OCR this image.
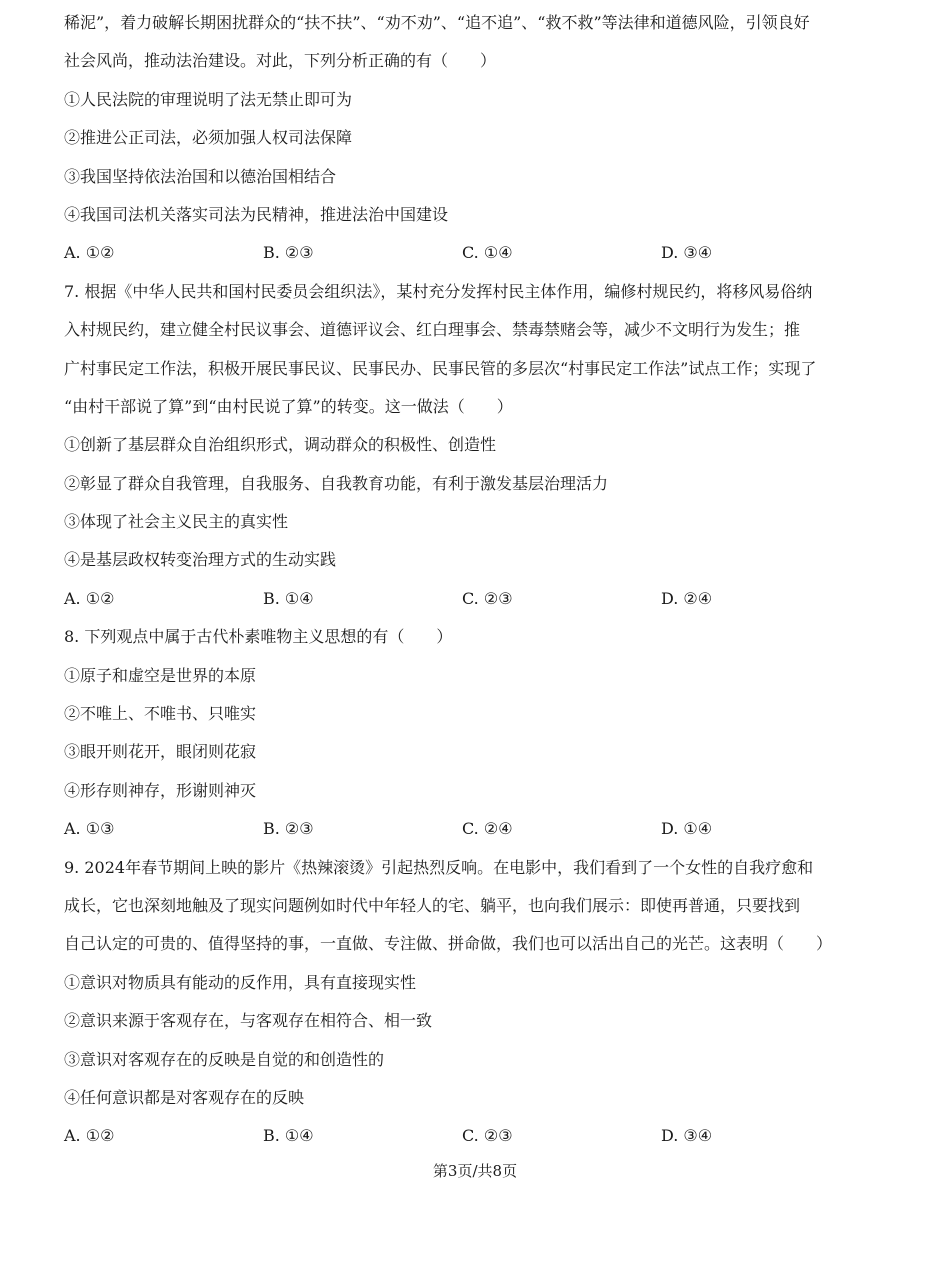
稀泥”，着力破解长期困扰群众的“扶不扶”、“劝不劝”、“追不追”、“救不救”等法律和道德风险，引领良好
社会风尚，推动法治建设。对此，下列分析正确的有（　　）
①人民法院的审理说明了法无禁止即可为
②推进公正司法，必须加强人权司法保障
③我国坚持依法治国和以德治国相结合
④我国司法机关落实司法为民精神，推进法治中国建设
A. ①②	B. ②③	C. ①④	D. ③④
7. 根据《中华人民共和国村民委员会组织法》，某村充分发挥村民主体作用，编修村规民约，将移风易俗纳
入村规民约，建立健全村民议事会、道德评议会、红白理事会、禁毒禁赌会等，减少不文明行为发生；推
广村事民定工作法，积极开展民事民议、民事民办、民事民管的多层次“村事民定工作法”试点工作；实现了
“由村干部说了算”到“由村民说了算”的转变。这一做法（　　）
①创新了基层群众自治组织形式，调动群众的积极性、创造性
②彰显了群众自我管理，自我服务、自我教育功能，有利于激发基层治理活力
③体现了社会主义民主的真实性
④是基层政权转变治理方式的生动实践
A. ①②	B. ①④	C. ②③	D. ②④
8. 下列观点中属于古代朴素唯物主义思想的有（　　）
①原子和虚空是世界的本原
②不唯上、不唯书、只唯实
③眼开则花开，眼闭则花寂
④形存则神存，形谢则神灭
A. ①③	B. ②③	C. ②④	D. ①④
9. 2024年春节期间上映的影片《热辣滚烫》引起热烈反响。在电影中，我们看到了一个女性的自我疗愈和
成长，它也深刻地触及了现实问题例如时代中年轻人的宅、躺平，也向我们展示：即使再普通，只要找到
自己认定的可贵的、值得坚持的事，一直做、专注做、拼命做，我们也可以活出自己的光芒。这表明（　　）
①意识对物质具有能动的反作用，具有直接现实性
②意识来源于客观存在，与客观存在相符合、相一致
③意识对客观存在的反映是自觉的和创造性的
④任何意识都是对客观存在的反映
A. ①②	B. ①④	C. ②③	D. ③④
第3页/共8页
